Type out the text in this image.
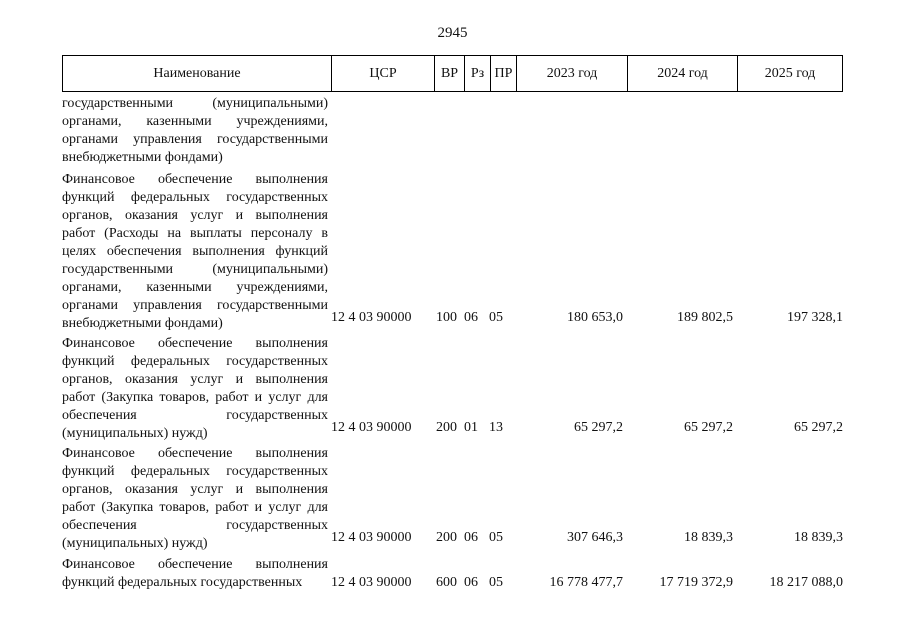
2945
Наименование	ЦСР	ВР Рз ПР	2023 год	2024 год	2025 год
государственными (муниципальными) органами, казенными учреждениями, органами управления государственными внебюджетными фондами)
Финансовое обеспечение выполнения функций федеральных государственных органов, оказания услуг и выполнения работ (Расходы на выплаты персоналу в целях обеспечения выполнения функций государственными (муниципальными) органами, казенными учреждениями, органами управления государственными внебюджетными фондами)	12 4 03 90000 100 06 05	180 653,0	189 802,5	197 328,1
Финансовое обеспечение выполнения функций федеральных государственных органов, оказания услуг и выполнения работ (Закупка товаров, работ и услуг для обеспечения государственных (муниципальных) нужд)	12 4 03 90000 200 01 13	65 297,2	65 297,2	65 297,2
Финансовое обеспечение выполнения функций федеральных государственных органов, оказания услуг и выполнения работ (Закупка товаров, работ и услуг для обеспечения государственных (муниципальных) нужд)	12 4 03 90000 200 06 05	307 646,3	18 839,3	18 839,3
Финансовое обеспечение выполнения функций федеральных государственных	12 4 03 90000 600 06 05	16 778 477,7	17 719 372,9	18 217 088,0
